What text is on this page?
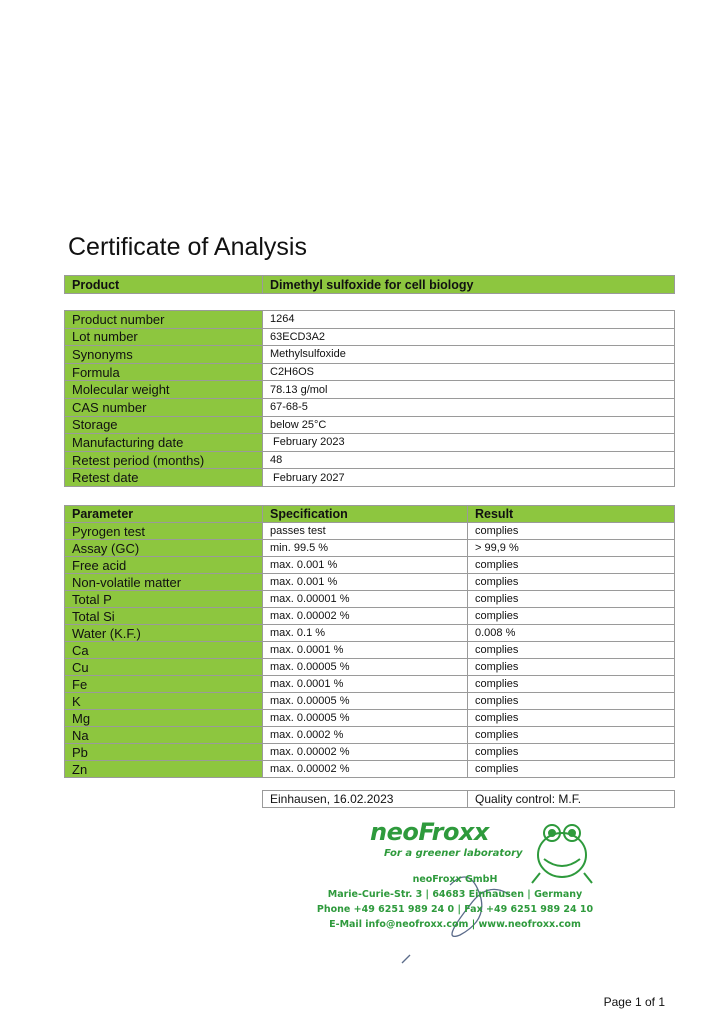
Certificate of Analysis
Product	Dimethyl sulfoxide for cell biology
Product number	1264
Lot number	63ECD3A2
Synonyms	Methylsulfoxide
Formula	C2H6OS
Molecular weight	78.13 g/mol
CAS number	67-68-5
Storage	below 25°C
Manufacturing date	February 2023
Retest period (months)	48
Retest date	February 2027
Parameter	Specification	Result
Pyrogen test	passes test	complies
Assay (GC)	min. 99.5 %	> 99,9 %
Free acid	max. 0.001 %	complies
Non-volatile matter	max. 0.001 %	complies
Total P	max. 0.00001 %	complies
Total Si	max. 0.00002 %	complies
Water (K.F.)	max. 0.1 %	0.008 %
Ca	max. 0.0001 %	complies
Cu	max. 0.00005 %	complies
Fe	max. 0.0001 %	complies
K	max. 0.00005 %	complies
Mg	max. 0.00005 %	complies
Na	max. 0.0002 %	complies
Pb	max. 0.00002 %	complies
Zn	max. 0.00002 %	complies
Einhausen, 16.02.2023	Quality control: M.F.
neoFroxx
For a greener laboratory
neoFroxx GmbH
Marie-Curie-Str. 3 | 64683 Einhausen | Germany
Phone +49 6251 989 24 0 | Fax +49 6251 989 24 10
E-Mail info@neofroxx.com | www.neofroxx.com
Page 1 of 1
